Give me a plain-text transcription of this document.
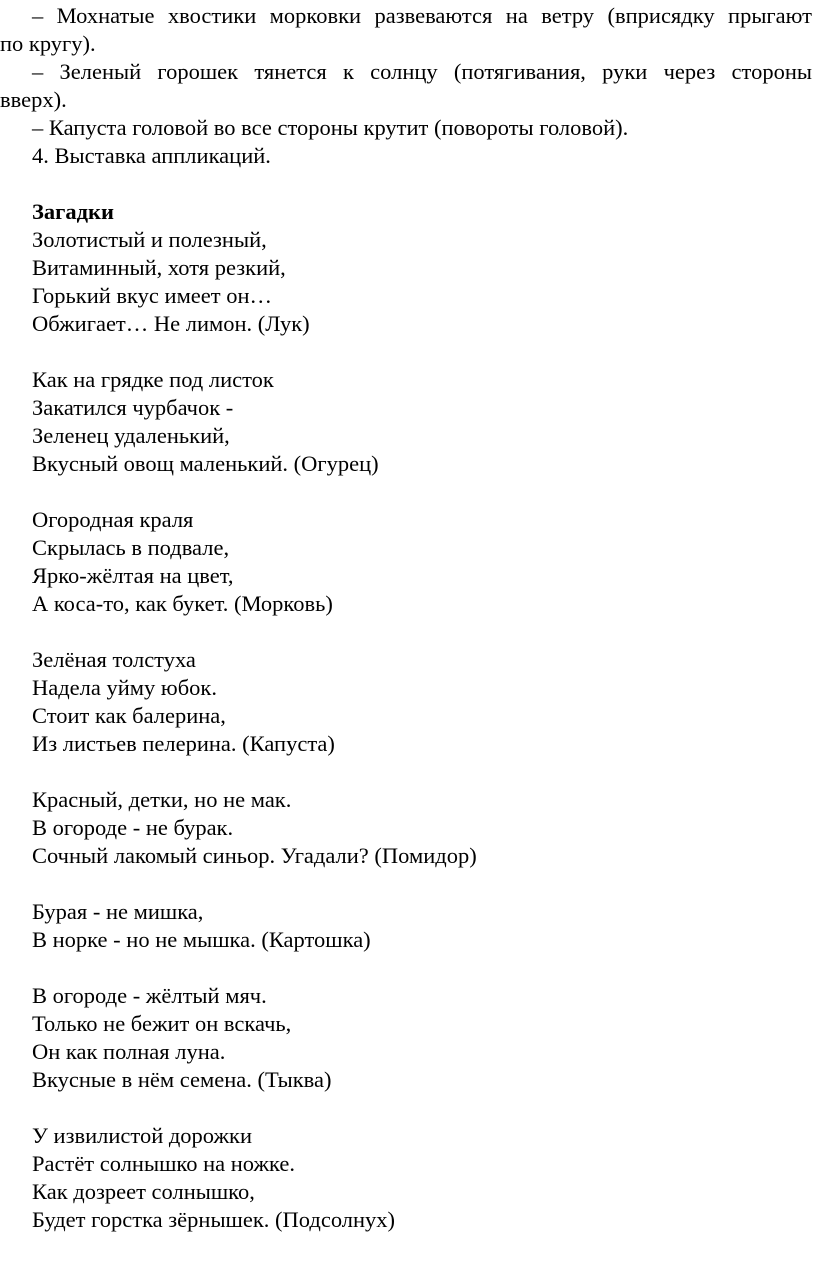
– Мохнатые хвостики морковки развеваются на ветру (вприсядку прыгают
по кругу).
– Зеленый горошек тянется к солнцу (потягивания, руки через стороны
вверх).
– Капуста головой во все стороны крутит (повороты головой).
4. Выставка аппликаций.
Загадки
Золотистый и полезный,
Витаминный, хотя резкий,
Горький вкус имеет он…
Обжигает… Не лимон. (Лук)
Как на грядке под листок
Закатился чурбачок -
Зеленец удаленький,
Вкусный овощ маленький. (Огурец)
Огородная краля
Скрылась в подвале,
Ярко-жёлтая на цвет,
А коса-то, как букет. (Морковь)
Зелёная толстуха
Надела уйму юбок.
Стоит как балерина,
Из листьев пелерина. (Капуста)
Красный, детки, но не мак.
В огороде - не бурак.
Сочный лакомый синьор. Угадали? (Помидор)
Бурая - не мишка,
В норке - но не мышка. (Картошка)
В огороде - жёлтый мяч.
Только не бежит он вскачь,
Он как полная луна.
Вкусные в нём семена. (Тыква)
У извилистой дорожки
Растёт солнышко на ножке.
Как дозреет солнышко,
Будет горстка зёрнышек. (Подсолнух)
